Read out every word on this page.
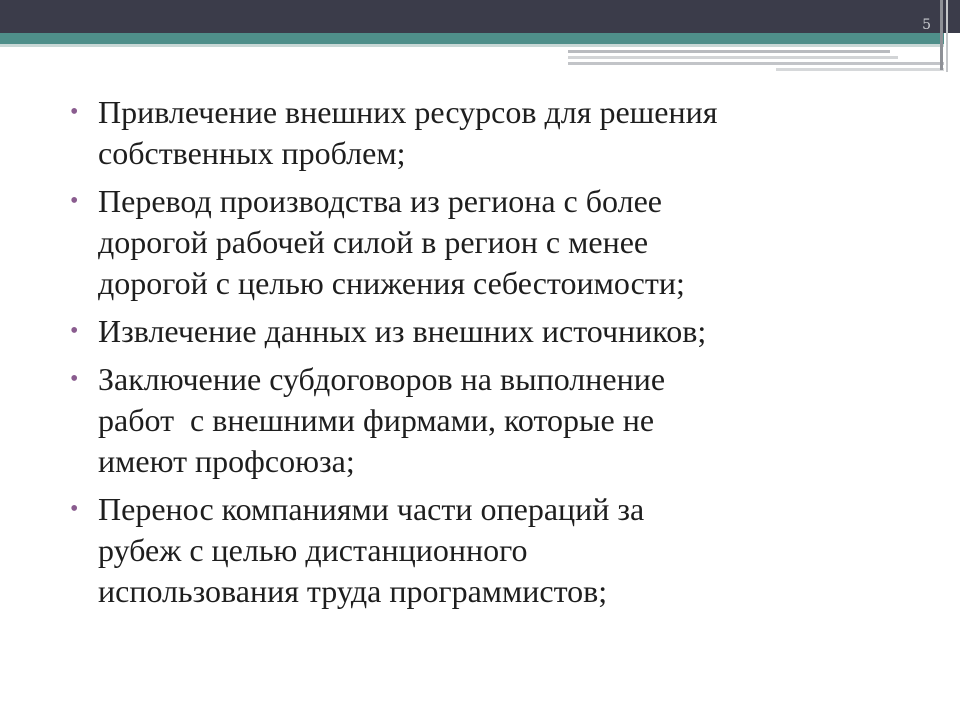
5
• Привлечение внешних ресурсов для решения
собственных проблем;
• Перевод производства из региона с более
дорогой рабочей силой в регион с менее
дорогой с целью снижения себестоимости;
• Извлечение данных из внешних источников;
• Заключение субдоговоров на выполнение
работ  с внешними фирмами, которые не
имеют профсоюза;
• Перенос компаниями части операций за
рубеж с целью дистанционного
использования труда программистов;
